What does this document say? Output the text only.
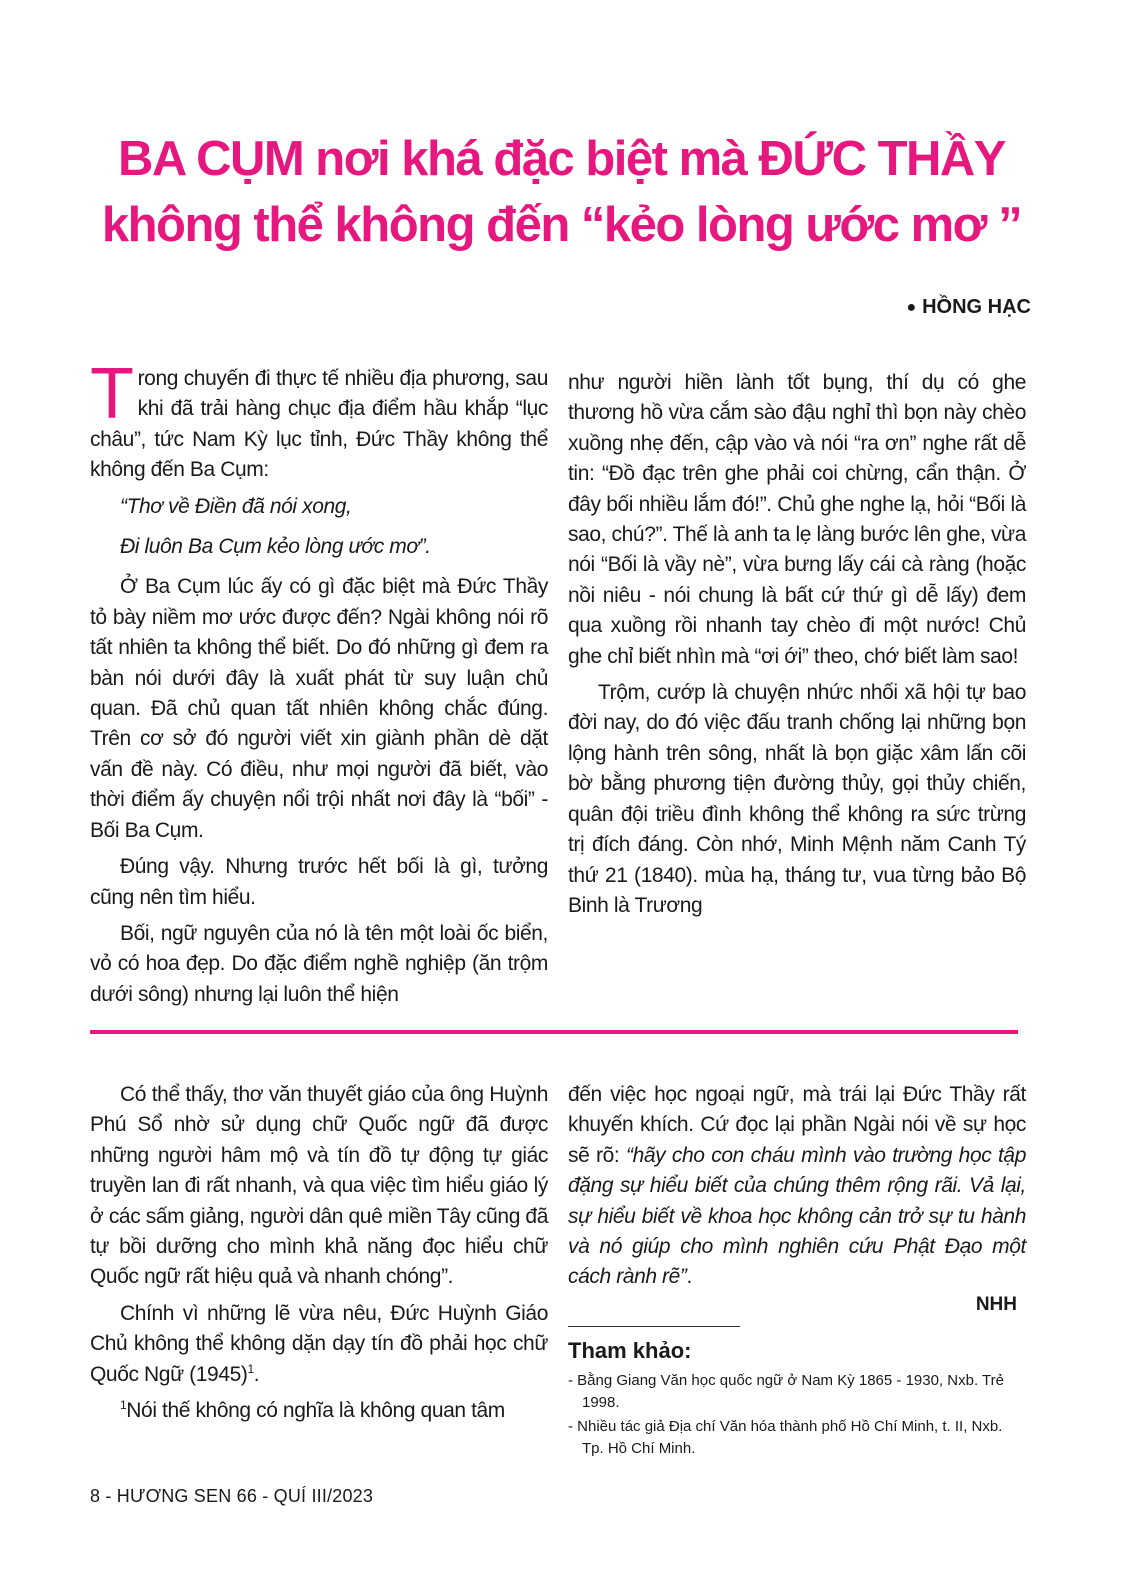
BA CỤM nơi khá đặc biệt mà ĐỨC THẦY
không thể không đến “kẻo lòng ước mơ ”
● HỒNG HẠC

Trong chuyến đi thực tế nhiều địa phương, sau khi đã trải hàng chục địa điểm hầu khắp “lục châu”, tức Nam Kỳ lục tỉnh, Đức Thầy không thể không đến Ba Cụm:

“Thơ về Điền đã nói xong,

Đi luôn Ba Cụm kẻo lòng ước mơ”.

Ở Ba Cụm lúc ấy có gì đặc biệt mà Đức Thầy tỏ bày niềm mơ ước được đến? Ngài không nói rõ tất nhiên ta không thể biết. Do đó những gì đem ra bàn nói dưới đây là xuất phát từ suy luận chủ quan. Đã chủ quan tất nhiên không chắc đúng. Trên cơ sở đó người viết xin giành phần dè dặt vấn đề này. Có điều, như mọi người đã biết, vào thời điểm ấy chuyện nổi trội nhất nơi đây là “bối” - Bối Ba Cụm.

Đúng vậy. Nhưng trước hết bối là gì, tưởng cũng nên tìm hiểu.

Bối, ngữ nguyên của nó là tên một loài ốc biển, vỏ có hoa đẹp. Do đặc điểm nghề nghiệp (ăn trộm dưới sông) nhưng lại luôn thể hiện

như người hiền lành tốt bụng, thí dụ có ghe thương hồ vừa cắm sào đậu nghỉ thì bọn này chèo xuồng nhẹ đến, cập vào và nói “ra ơn” nghe rất dễ tin: “Đồ đạc trên ghe phải coi chừng, cẩn thận. Ở đây bối nhiều lắm đó!”. Chủ ghe nghe lạ, hỏi “Bối là sao, chú?”. Thế là anh ta lẹ làng bước lên ghe, vừa nói “Bối là vầy nè”, vừa bưng lấy cái cà ràng (hoặc nồi niêu - nói chung là bất cứ thứ gì dễ lấy) đem qua xuồng rồi nhanh tay chèo đi một nước! Chủ ghe chỉ biết nhìn mà “ơi ới” theo, chớ biết làm sao!

Trộm, cướp là chuyện nhức nhối xã hội tự bao đời nay, do đó việc đấu tranh chống lại những bọn lộng hành trên sông, nhất là bọn giặc xâm lấn cõi bờ bằng phương tiện đường thủy, gọi thủy chiến, quân đội triều đình không thể không ra sức trừng trị đích đáng. Còn nhớ, Minh Mệnh năm Canh Tý thứ 21 (1840). mùa hạ, tháng tư, vua từng bảo Bộ Binh là Trương

Có thể thấy, thơ văn thuyết giáo của ông Huỳnh Phú Sổ nhờ sử dụng chữ Quốc ngữ đã được những người hâm mộ và tín đồ tự động tự giác truyền lan đi rất nhanh, và qua việc tìm hiểu giáo lý ở các sấm giảng, người dân quê miền Tây cũng đã tự bồi dưỡng cho mình khả năng đọc hiểu chữ Quốc ngữ rất hiệu quả và nhanh chóng”.

Chính vì những lẽ vừa nêu, Đức Huỳnh Giáo Chủ không thể không dặn dạy tín đồ phải học chữ Quốc Ngữ $(1945)^1$.

$^1$Nói thế không có nghĩa là không quan tâm

đến việc học ngoại ngữ, mà trái lại Đức Thầy rất khuyến khích. Cứ đọc lại phần Ngài nói về sự học sẽ rõ: “hãy cho con cháu mình vào trường học tập đặng sự hiểu biết của chúng thêm rộng rãi. Vả lại, sự hiểu biết về khoa học không cản trở sự tu hành và nó giúp cho mình nghiên cứu Phật Đạo một cách rành rẽ”.

NHH
Tham khảo:
- Bằng Giang Văn học quốc ngữ ở Nam Kỳ 1865 - 1930, Nxb. Trẻ 1998.
- Nhiều tác giả Địa chí Văn hóa thành phố Hồ Chí Minh, t. II, Nxb. Tp. Hồ Chí Minh.
8 - HƯƠNG SEN 66 - QUÍ III/2023
